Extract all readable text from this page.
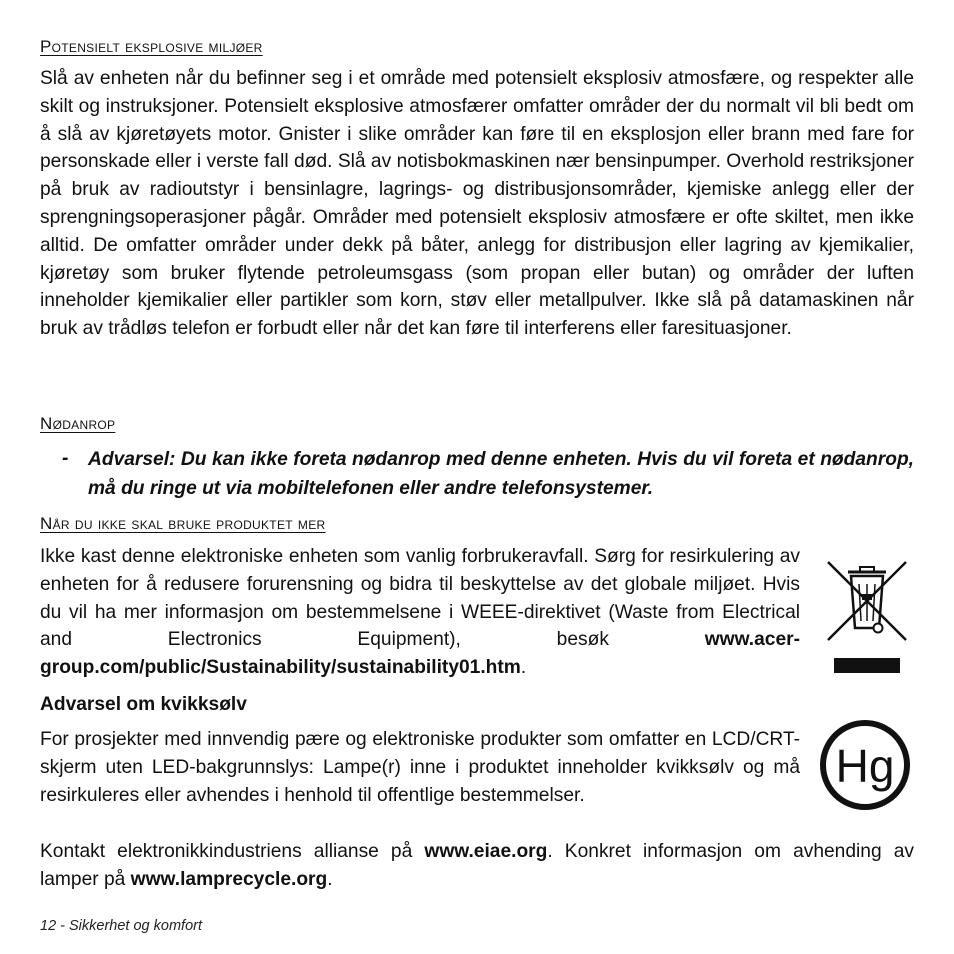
Potensielt eksplosive miljøer

Slå av enheten når du befinner seg i et område med potensielt eksplosiv atmosfære, og respekter alle skilt og instruksjoner. Potensielt eksplosive atmosfærer omfatter områder der du normalt vil bli bedt om å slå av kjøretøyets motor. Gnister i slike områder kan føre til en eksplosjon eller brann med fare for personskade eller i verste fall død. Slå av notisbokmaskinen nær bensinpumper. Overhold restriksjoner på bruk av radioutstyr i bensinlagre, lagrings- og distribusjonsområder, kjemiske anlegg eller der sprengningsoperasjoner pågår. Områder med potensielt eksplosiv atmosfære er ofte skiltet, men ikke alltid. De omfatter områder under dekk på båter, anlegg for distribusjon eller lagring av kjemikalier, kjøretøy som bruker flytende petroleumsgass (som propan eller butan) og områder der luften inneholder kjemikalier eller partikler som korn, støv eller metallpulver. Ikke slå på datamaskinen når bruk av trådløs telefon er forbudt eller når det kan føre til interferens eller faresituasjoner.

Nødanrop
- Advarsel: Du kan ikke foreta nødanrop med denne enheten. Hvis du vil foreta et nødanrop, må du ringe ut via mobiltelefonen eller andre telefonsystemer.

Når du ikke skal bruke produktet mer

Ikke kast denne elektroniske enheten som vanlig forbrukeravfall. Sørg for resirkulering av enheten for å redusere forurensning og bidra til beskyttelse av det globale miljøet. Hvis du vil ha mer informasjon om bestemmelsene i WEEE-direktivet (Waste from Electrical and Electronics Equipment), besøk	www.acer-group.com/public/Sustainability/sustainability01.htm.

Advarsel om kvikksølv

For prosjekter med innvendig pære og elektroniske produkter som omfatter en LCD/CRT-skjerm uten LED-bakgrunnslys: Lampe(r) inne i produktet inneholder kvikksølv og må resirkuleres eller avhendes i henhold til offentlige bestemmelser.

Kontakt elektronikkindustriens allianse på www.eiae.org. Konkret informasjon om avhending av lamper på www.lamprecycle.org.

Hg
12 - Sikkerhet og komfort
